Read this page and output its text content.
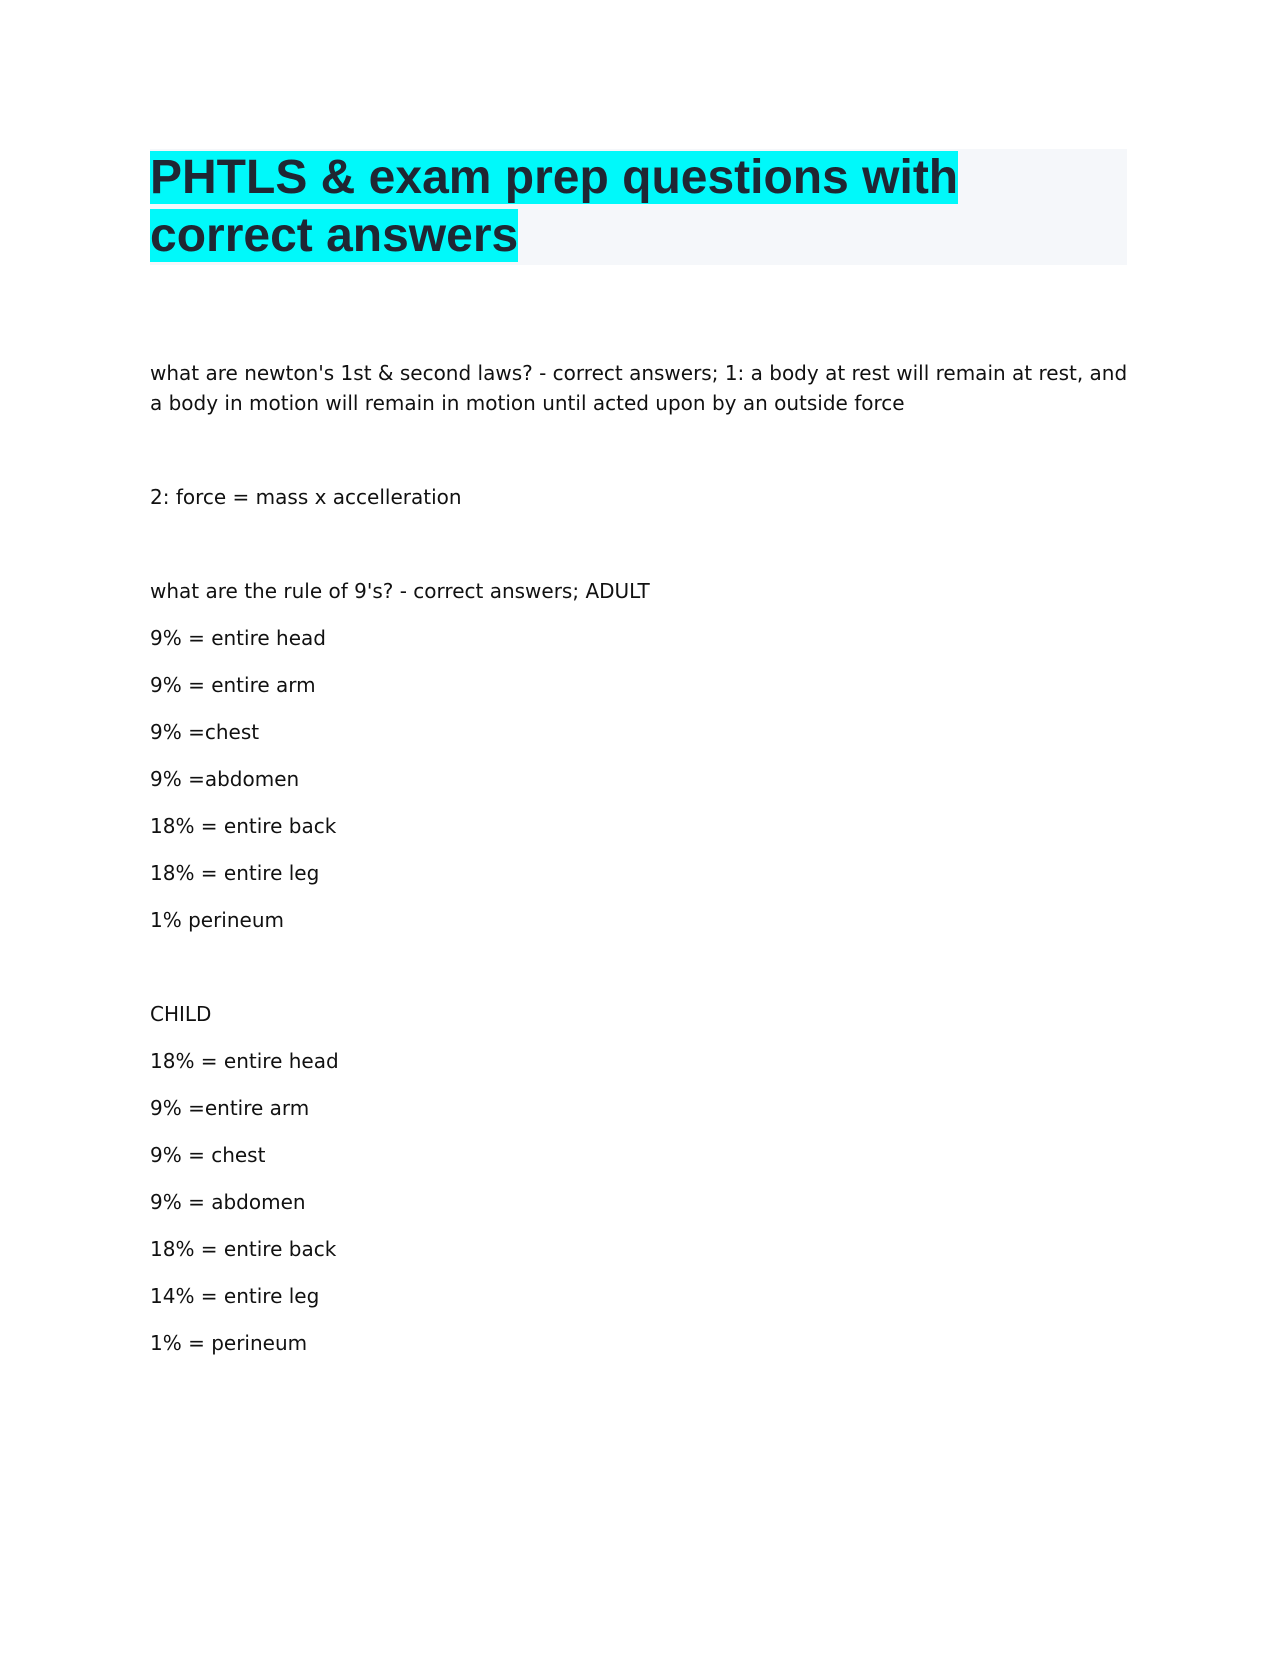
PHTLS & exam prep questions with correct answers

what are newton's 1st & second laws? - correct answers; 1: a body at rest will remain at rest, and a body in motion will remain in motion until acted upon by an outside force

2: force = mass x accelleration

what are the rule of 9's? - correct answers; ADULT

9% = entire head

9% = entire arm

9% =chest

9% =abdomen

18% = entire back

18% = entire leg

1% perineum

CHILD

18% = entire head

9% =entire arm

9% = chest

9% = abdomen

18% = entire back

14% = entire leg

1% = perineum
